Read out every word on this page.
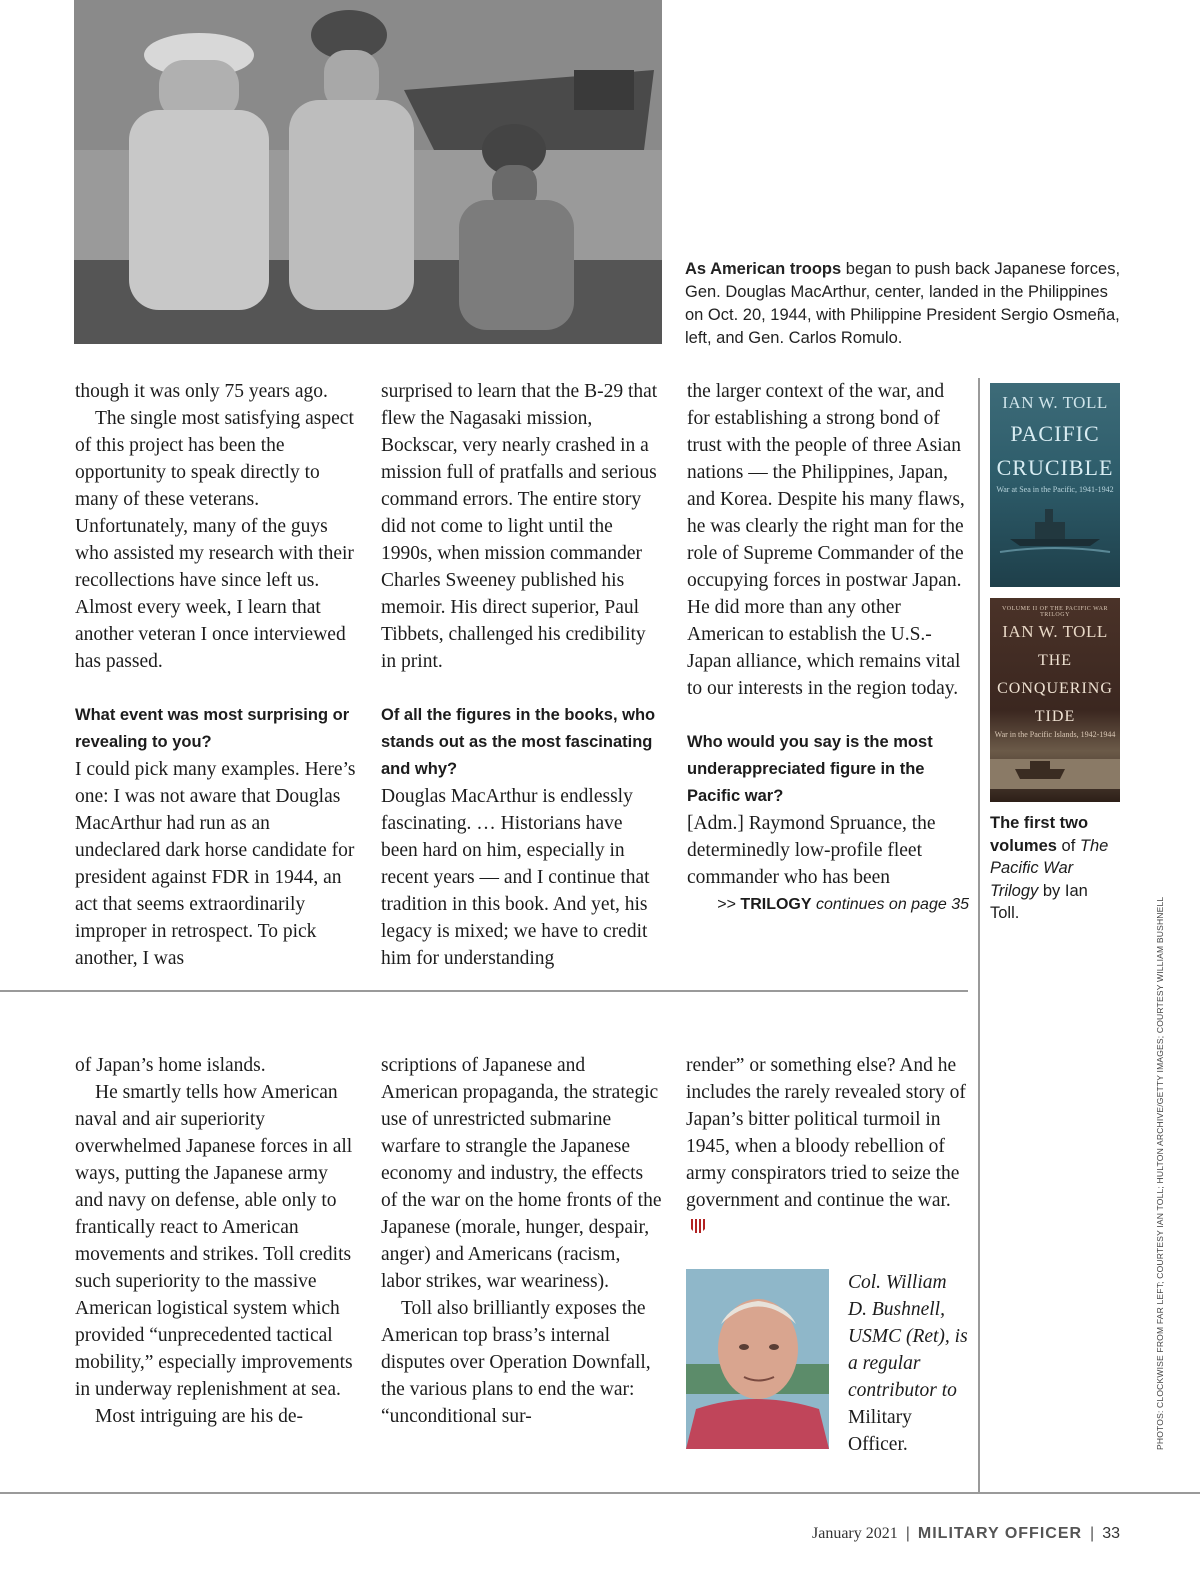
As American troops began to push back Japanese forces, Gen. Douglas MacArthur, center, landed in the Philippines on Oct. 20, 1944, with Philippine President Sergio Osmeña, left, and Gen. Carlos Romulo.

though it was only 75 years ago.

The single most satisfying aspect of this project has been the opportunity to speak directly to many of these veterans. Unfortunately, many of the guys who assisted my research with their recollections have since left us. Almost every week, I learn that another veteran I once interviewed has passed.

What event was most surprising or revealing to you?

I could pick many examples. Here’s one: I was not aware that Douglas MacArthur had run as an undeclared dark horse candidate for president against FDR in 1944, an act that seems extraordinarily improper in retrospect. To pick another, I was

surprised to learn that the B-29 that flew the Nagasaki mission, Bockscar, very nearly crashed in a mission full of pratfalls and serious command errors. The entire story did not come to light until the 1990s, when mission commander Charles Sweeney published his memoir. His direct superior, Paul Tibbets, challenged his credibility in print.

Of all the figures in the books, who stands out as the most fascinating and why?

Douglas MacArthur is endlessly fascinating. … Historians have been hard on him, especially in recent years — and I continue that tradition in this book. And yet, his legacy is mixed; we have to credit him for understanding

the larger context of the war, and for establishing a strong bond of trust with the people of three Asian nations — the Philippines, Japan, and Korea. Despite his many flaws, he was clearly the right man for the role of Supreme Commander of the occupying forces in postwar Japan. He did more than any other American to establish the U.S.-Japan alliance, which remains vital to our interests in the region today.

Who would you say is the most underappreciated figure in the Pacific war?

[Adm.] Raymond Spruance, the determinedly low-profile fleet commander who has been

>> TRILOGY continues on page 35

IAN W. TOLL
PACIFIC
CRUCIBLE
War at Sea in the Pacific, 1941-1942
VOLUME II OF THE PACIFIC WAR TRILOGY
IAN W. TOLL
THE
CONQUERING
TIDE
War in the Pacific Islands, 1942-1944
The first two volumes of The Pacific War Trilogy by Ian Toll.	PHOTOS: CLOCKWISE FROM FAR LEFT; COURTESY IAN TOLL; HULTON ARCHIVE/GETTY IMAGES; COURTESY WILLIAM BUSHNELL

of Japan’s home islands.

He smartly tells how American naval and air superiority overwhelmed Japanese forces in all ways, putting the Japanese army and navy on defense, able only to frantically react to American movements and strikes. Toll credits such superiority to the massive American logistical system which provided “unprecedented tactical mobility,” especially improvements in underway replenishment at sea.

Most intriguing are his de-

scriptions of Japanese and American propaganda, the strategic use of unrestricted submarine warfare to strangle the Japanese economy and industry, the effects of the war on the home fronts of the Japanese (morale, hunger, despair, anger) and Americans (racism, labor strikes, war weariness).

Toll also brilliantly exposes the American top brass’s internal disputes over Operation Downfall, the various plans to end the war: “unconditional sur-

render” or something else? And he includes the rarely revealed story of Japan’s bitter political turmoil in 1945, when a bloody rebellion of army conspirators tried to seize the government and continue the war.

Col. William D. Bushnell, USMC (Ret), is a regular contributor to Military Officer.
January 2021 | MILITARY OFFICER | 33
